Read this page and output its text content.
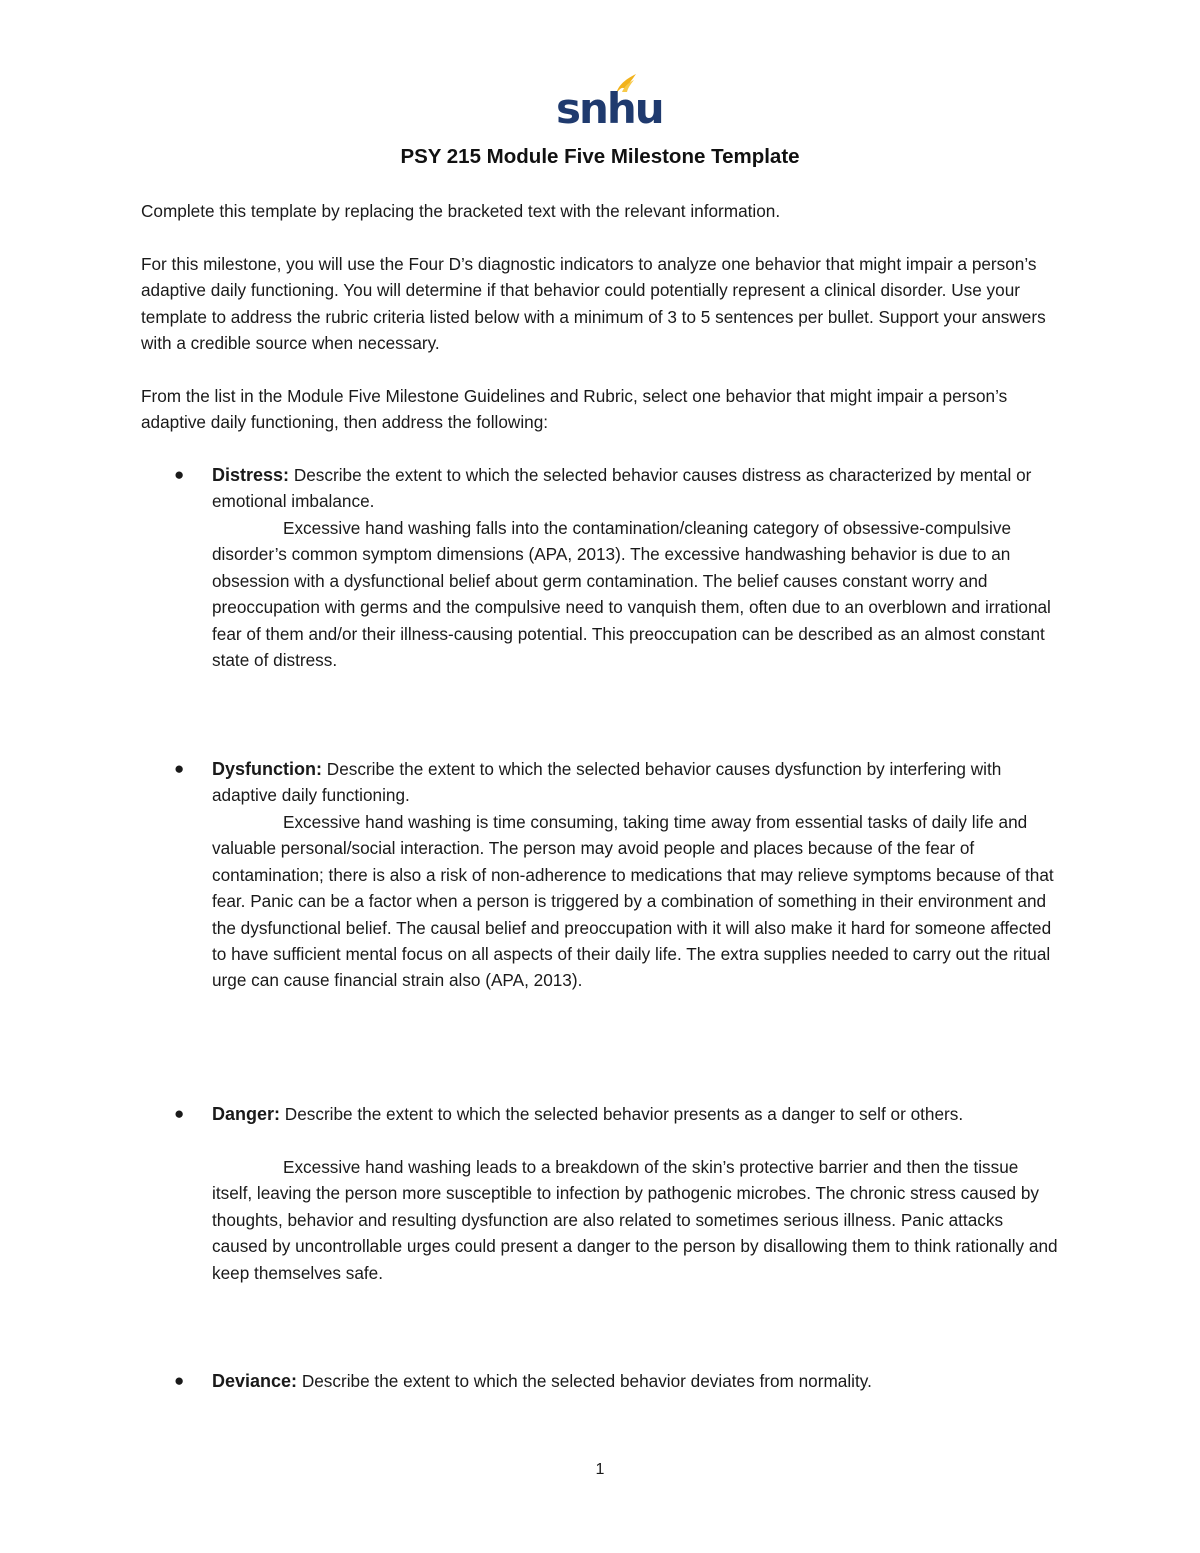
snhu
PSY 215 Module Five Milestone Template

Complete this template by replacing the bracketed text with the relevant information.

For this milestone, you will use the Four D’s diagnostic indicators to analyze one behavior that might impair a person’s adaptive daily functioning. You will determine if that behavior could potentially represent a clinical disorder. Use your template to address the rubric criteria listed below with a minimum of 3 to 5 sentences per bullet. Support your answers with a credible source when necessary.

From the list in the Module Five Milestone Guidelines and Rubric, select one behavior that might impair a person’s adaptive daily functioning, then address the following:

● Distress: Describe the extent to which the selected behavior causes distress as characterized by mental or emotional imbalance.

Excessive hand washing falls into the contamination/cleaning category of obsessive-compulsive disorder’s common symptom dimensions (APA, 2013). The excessive handwashing behavior is due to an obsession with a dysfunctional belief about germ contamination. The belief causes constant worry and preoccupation with germs and the compulsive need to vanquish them, often due to an overblown and irrational fear of them and/or their illness-causing potential. This preoccupation can be described as an almost constant state of distress.

● Dysfunction: Describe the extent to which the selected behavior causes dysfunction by interfering with adaptive daily functioning.

Excessive hand washing is time consuming, taking time away from essential tasks of daily life and valuable personal/social interaction. The person may avoid people and places because of the fear of contamination; there is also a risk of non-adherence to medications that may relieve symptoms because of that fear. Panic can be a factor when a person is triggered by a combination of something in their environment and the dysfunctional belief. The causal belief and preoccupation with it will also make it hard for someone affected to have sufficient mental focus on all aspects of their daily life. The extra supplies needed to carry out the ritual urge can cause financial strain also (APA, 2013).

● Danger: Describe the extent to which the selected behavior presents as a danger to self or others.

Excessive hand washing leads to a breakdown of the skin’s protective barrier and then the tissue itself, leaving the person more susceptible to infection by pathogenic microbes. The chronic stress caused by thoughts, behavior and resulting dysfunction are also related to sometimes serious illness. Panic attacks caused by uncontrollable urges could present a danger to the person by disallowing them to think rationally and keep themselves safe.

● Deviance: Describe the extent to which the selected behavior deviates from normality.

1
